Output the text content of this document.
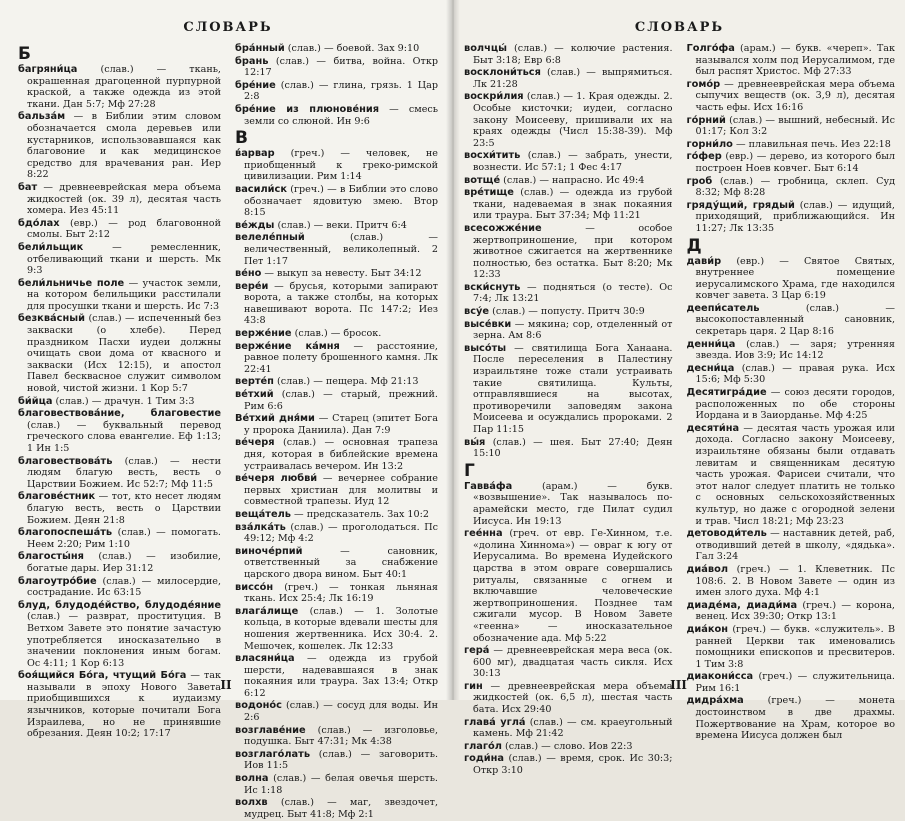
СЛОВАРЬ
Б

багряни́ца (слав.) — ткань, окрашенная драгоценной пурпурной краской, а также одежда из этой ткани. Дан 5:7; Мф 27:28

бальза́м — в Библии этим словом обозначается смола деревьев или кустарников, использовавшаяся как благовоние и как медицинское средство для врачевания ран. Иер 8:22

бат — древнееврейская мера объема жидкостей (ок. 39 л), десятая часть хомера. Иез 45:11

бдо́лах (евр.) — род благовонной смолы. Быт 2:12

бели́льщик	— ремесленник, отбеливающий ткани и шерсть. Мк 9:3

бели́льничье поле — участок земли, на котором белильщики расстилали для просушки ткани и шерсть. Ис 7:3

безква́сный (слав.) — испеченный без закваски (о хлебе). Перед праздником Пасхи иудеи должны очищать свои дома от квасного и закваски (Исх 12:15), и апостол Павел бесквасное служит символом новой, чистой жизни. 1 Кор 5:7

би́йца (слав.) — драчун. 1 Тим 3:3

благовествова́ние, благовестие (слав.) — буквальный перевод греческого слова евангелие. Еф 1:13; 1 Ин 1:5

благовествова́ть (слав.) — нести людям благую весть, весть о Царствии Божием. Ис 52:7; Мф 11:5

благове́стник — тот, кто несет людям благую весть, весть о Царствии Божием. Деян 21:8

благопоспеша́ть (слав.) — помогать. Неем 2:20; Рим 1:10

благосты́ня (слав.) — изобилие, богатые дары. Иер 31:12

благоутро́бие (слав.) — милосердие, сострадание. Ис 63:15

блуд, блудоде́йство, блудоде́яние (слав.) — разврат, проституция. В Ветхом Завете это понятие зачастую употребляется иносказательно в значении поклонения иным богам. Ос 4:11; 1 Кор 6:13

боя́щийся Бо́га, чтущий Бо́га — так называли в эпоху Нового Завета приобщившихся к иудаизму язычников, которые почитали Бога Израилева, но не принявшие обрезания. Деян 10:2; 17:17

бра́нный (слав.) — боевой. Зах 9:10

брань (слав.) — битва, война. Откр 12:17

бре́ние (слав.) — глина, грязь. 1 Цар 2:8

бре́ние из плюнове́ния — смесь земли со слюной. Ин 9:6

В

в́арвар (греч.) — человек, не приобщенный к греко-римской цивилизации. Рим 1:14

васили́ск (греч.) — в Библии это слово обозначает ядовитую змею. Втор 8:15

ве́жды (слав.) — веки. Притч 6:4

велеле́пный	(слав.) — величественный, великолепный. 2 Пет 1:17

ве́но — выкуп за невесту. Быт 34:12

вере́и — брусья, которыми запирают ворота, а также столбы, на которых навешивают ворота. Пс 147:2; Иез 43:8

верже́ние (слав.) — бросок.

верже́ние ка́мня — расстояние, равное полету брошенного камня. Лк 22:41

верте́п (слав.) — пещера. Мф 21:13

ве́тхий (слав.) — старый, прежний. Рим 6:6

Ве́тхий дня́ми — Старец (эпитет Бога у пророка Даниила). Дан 7:9

ве́черя (слав.) — основная трапеза дня, которая в библейские времена устраивалась вечером. Ин 13:2

ве́черя любви́ — вечернее собрание первых христиан для молитвы и совместной трапезы. Иуд 12

веща́тель — предсказатель. Зах 10:2

вза́лка́ть (слав.) — проголодаться. Пс 49:12; Мф 4:2

виноче́рпий	— сановник, ответственный за снабжение царского двора вином. Быт 40:1

виссо́н (греч.) — тонкая льняная ткань. Исх 25:4; Лк 16:19

влага́лище (слав.) — 1. Золотые кольца, в которые вдевали шесты для ношения жертвенника. Исх 30:4. 2. Мешочек, кошелек. Лк 12:33

власяни́ца — одежда из грубой шерсти, надевавшаяся в знак покаяния или траура. Зах 13:4; Откр 6:12

водоно́с (слав.) — сосуд для воды. Ин 2:6

возглаве́ние (слав.) — изголовье, подушка. Быт 47:31; Мк 4:38

возглаго́лать (слав.) — заговорить. Иов 11:5

волна (слав.) — белая овечья шерсть. Ис 1:18

волхв (слав.) — маг, звездочет, мудрец. Быт 41:8; Мф 2:1

II
СЛОВАРЬ

волчцы́ (слав.) — колючие растения. Быт 3:18; Евр 6:8

восклони́ться (слав.) — выпрямиться. Лк 21:28

воскри́лия (слав.) — 1. Края одежды. 2. Особые кисточки; иудеи, согласно закону Моисееву, пришивали их на краях одежды (Числ 15:38-39). Мф 23:5

восхи́тить (слав.) — забрать, унести, вознести. Ис 57:1; 1 Фес 4:17

вотще́ (слав.) — напрасно. Ис 49:4

вре́тище (слав.) — одежда из грубой ткани, надеваемая в знак покаяния или траура. Быт 37:34; Мф 11:21

всесожже́ние	— особое жертвоприношение, при котором животное сжигается на жертвеннике полностью, без остатка. Быт 8:20; Мк 12:33

вски́снуть — подняться (о тесте). Ос 7:4; Лк 13:21

всу́е (слав.) — попусту. Притч 30:9

высе́вки — мякина; сор, отделенный от зерна. Ам 8:6

высо́ты — святилища Бога Ханаана. После переселения в Палестину израильтяне тоже стали устраивать такие святилища. Культы, отправлявшиеся на высотах, противоречили заповедям закона Моисеева и осуждались пророками. 2 Пар 11:15

вы́я (слав.) — шея. Быт 27:40; Деян 15:10

Г

Гавва́фа	(арам.) — букв. «возвышение». Так называлось по-арамейски место, где Пилат судил Иисуса. Ин 19:13

гее́нна (греч. от евр. Ге-Хинном, т.е. «долина Хиннома») — овраг к югу от Иерусалима. Во времена Иудейского царства в этом овраге совершались ритуалы, связанные с огнем и включавшие человеческие жертвоприношения. Позднее там сжигали мусор. В Новом Завете «геенна» — иносказательное обозначение ада. Мф 5:22

гера́ — древнееврейская мера веса (ок. 600 мг), двадцатая часть сикля. Исх 30:13

гин — древнееврейская мера объема жидкостей (ок. 6,5 л), шестая часть бата. Исх 29:40

глава́ угла́ (слав.) — см. краеугольный камень. Мф 21:42

глаго́л (слав.) — слово. Иов 22:3

годи́на (слав.) — время, срок. Ис 30:3; Откр 3:10

Голго́фа (арам.) — букв. «череп». Так назывался холм под Иерусалимом, где был распят Христос. Мф 27:33

гомо́р — древнееврейская мера объема сыпучих веществ (ок. 3,9 л), десятая часть ефы. Исх 16:16

го́рний (слав.) — вышний, небесный. Ис 01:17; Кол 3:2

горни́ло — плавильная печь. Иез 22:18

го́фер (евр.) — дерево, из которого был построен Ноев ковчег. Быт 6:14

гроб (слав.) — гробница, склеп. Суд 8:32; Мф 8:28

гряду́щий, грядый (слав.) — идущий, приходящий, приближающийся. Ин 11:27; Лк 13:35

Д

дави́р (евр.) — Святое Святых, внутреннее помещение иерусалимского Храма, где находился ковчег завета. 3 Цар 6:19

деепи́сатель	(слав.) — высокопоставленный сановник, секретарь царя. 2 Цар 8:16

денни́ца (слав.) — заря; утренняя звезда. Иов 3:9; Ис 14:12

десни́ца (слав.) — правая рука. Исх 15:6; Мф 5:30

Десятигра́дие — союз десяти городов, расположенных по обе стороны Иордана и в Заиорданье. Мф 4:25

десяти́на — десятая часть урожая или дохода. Согласно закону Моисееву, израильтяне обязаны были отдавать левитам и священникам десятую часть урожая. Фарисеи считали, что этот налог следует платить не только с основных сельскохозяйственных культур, но даже с огородной зелени и трав. Числ 18:21; Мф 23:23

детоводи́тель — наставник детей, раб, отводивший детей в школу, «дядька». Гал 3:24

диа́вол (греч.) — 1. Клеветник. Пс 108:6. 2. В Новом Завете — один из имен злого духа. Мф 4:1

диаде́ма, диади́ма (греч.) — корона, венец. Исх 39:30; Откр 13:1

диа́кон (греч.) — букв. «служитель». В ранней Церкви так именовались помощники епископов и пресвитеров. 1 Тим 3:8

диакони́сса (греч.) — служительница. Рим 16:1

дидра́хма (греч.) — монета достоинством в две драхмы. Пожертвование на Храм, которое во времена Иисуса должен был

III
